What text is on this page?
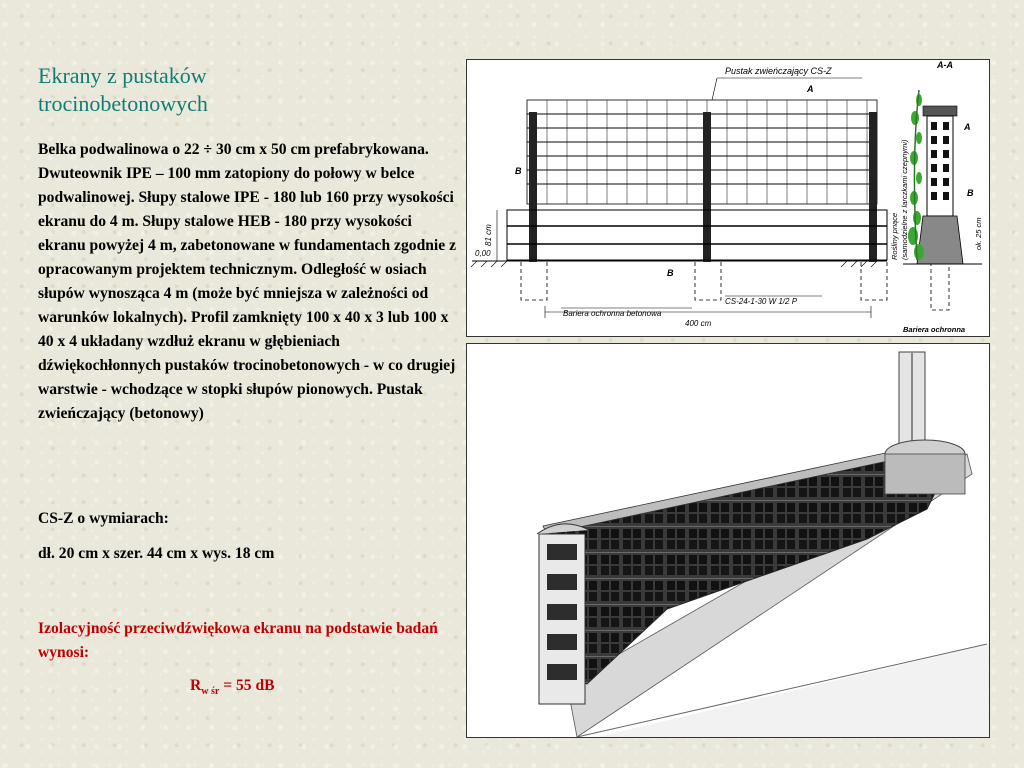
Ekrany z pustaków trocinobetonowych

Belka podwalinowa o 22 ÷ 30 cm x 50 cm prefabrykowana. Dwuteownik IPE – 100 mm zatopiony do połowy w belce podwalinowej. Słupy stalowe IPE - 180 lub 160 przy wysokości ekranu do 4 m. Słupy stalowe HEB - 180 przy wysokości ekranu powyżej 4 m, zabetonowane w fundamentach zgodnie z opracowanym projektem technicznym. Odległość w osiach słupów wynosząca 4 m (może być mniejsza w zależności od warunków lokalnych). Profil zamknięty 100 x 40 x 3 lub 100 x 40 x 4 układany wzdłuż ekranu w głębieniach dźwiękochłonnych pustaków trocinobetonowych - w co drugiej warstwie - wchodzące w stopki słupów pionowych. Pustak zwieńczający (betonowy)

CS-Z o wymiarach:

dł. 20 cm x szer. 44 cm x wys. 18 cm

Izolacyjność przeciwdźwiękowa ekranu na podstawie badań wynosi:

$R_{w śr} = 55$ dB

Pustak zwieńczający CS-Z
A-A
A
B
B
0,00
81 cm
CS-24-1-30 W 1/2 P
Bariera ochronna betonowa
400 cm
A
B
Rośliny pnące (samodzielne z larczkami czepnymi)	ok. 25 cm
Bariera ochronna
